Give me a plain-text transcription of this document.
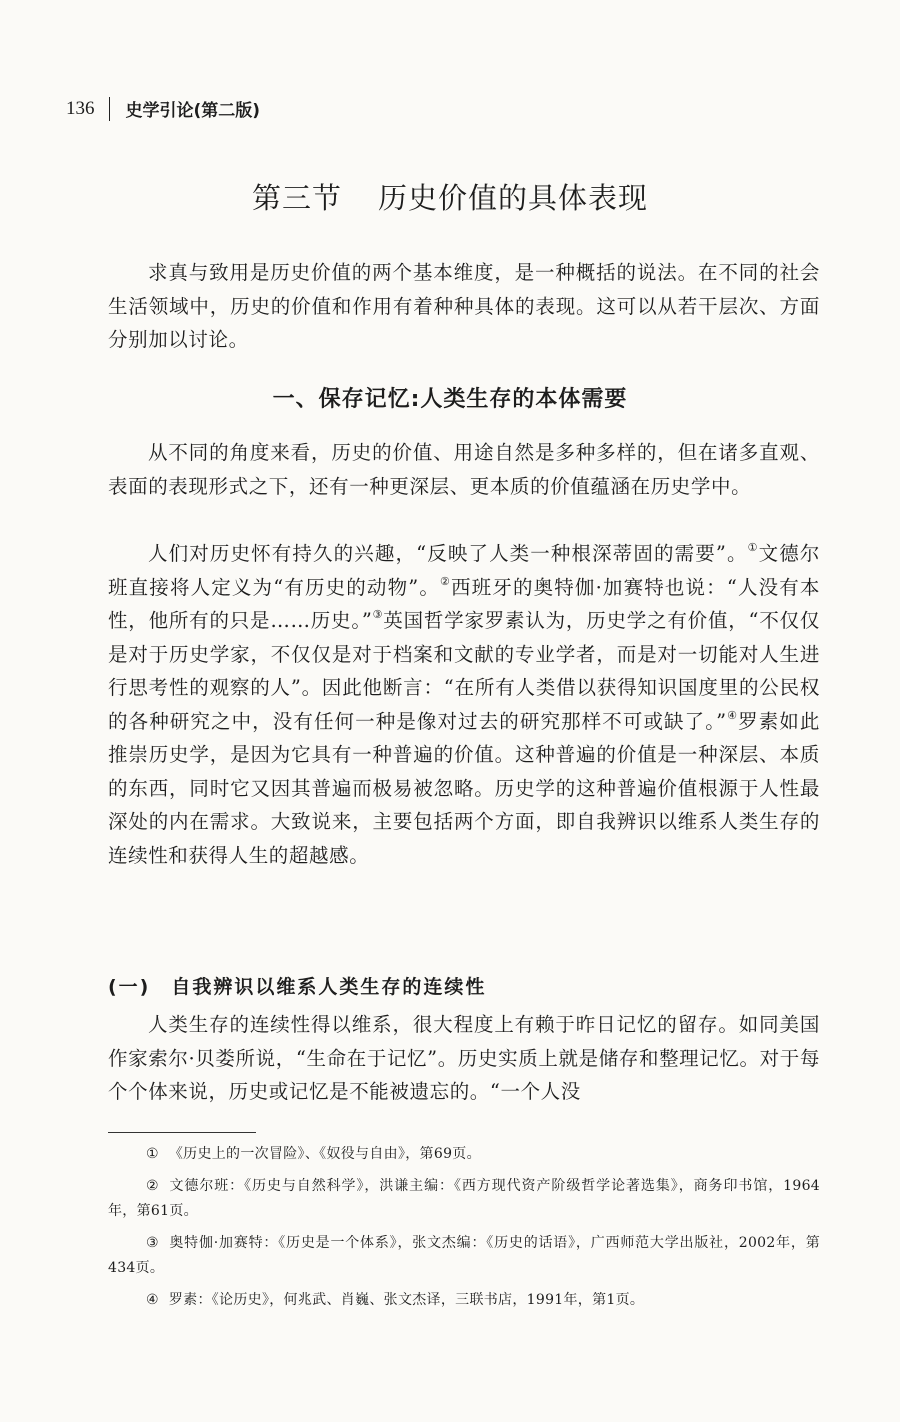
136 史学引论(第二版)
第三节 历史价值的具体表现
求真与致用是历史价值的两个基本维度，是一种概括的说法。在不同的社会生活领域中，历史的价值和作用有着种种具体的表现。这可以从若干层次、方面分别加以讨论。
一、保存记忆:人类生存的本体需要
从不同的角度来看，历史的价值、用途自然是多种多样的，但在诸多直观、表面的表现形式之下，还有一种更深层、更本质的价值蕴涵在历史学中。
人们对历史怀有持久的兴趣，“反映了人类一种根深蒂固的需要”。①文德尔班直接将人定义为“有历史的动物”。②西班牙的奥特伽·加赛特也说：“人没有本性，他所有的只是……历史。”③英国哲学家罗素认为，历史学之有价值，“不仅仅是对于历史学家，不仅仅是对于档案和文献的专业学者，而是对一切能对人生进行思考性的观察的人”。因此他断言：“在所有人类借以获得知识国度里的公民权的各种研究之中，没有任何一种是像对过去的研究那样不可或缺了。”④罗素如此推崇历史学，是因为它具有一种普遍的价值。这种普遍的价值是一种深层、本质的东西，同时它又因其普遍而极易被忽略。历史学的这种普遍价值根源于人性最深处的内在需求。大致说来，主要包括两个方面，即自我辨识以维系人类生存的连续性和获得人生的超越感。
(一)　自我辨识以维系人类生存的连续性
人类生存的连续性得以维系，很大程度上有赖于昨日记忆的留存。如同美国作家索尔·贝娄所说，“生命在于记忆”。历史实质上就是储存和整理记忆。对于每个个体来说，历史或记忆是不能被遗忘的。“一个人没
① 《历史上的一次冒险》、《奴役与自由》，第69页。
② 文德尔班：《历史与自然科学》，洪谦主编：《西方现代资产阶级哲学论著选集》，商务印书馆，1964年，第61页。
③ 奥特伽·加赛特：《历史是一个体系》，张文杰编：《历史的话语》，广西师范大学出版社，2002年，第434页。
④ 罗素：《论历史》，何兆武、肖巍、张文杰译，三联书店，1991年，第1页。
